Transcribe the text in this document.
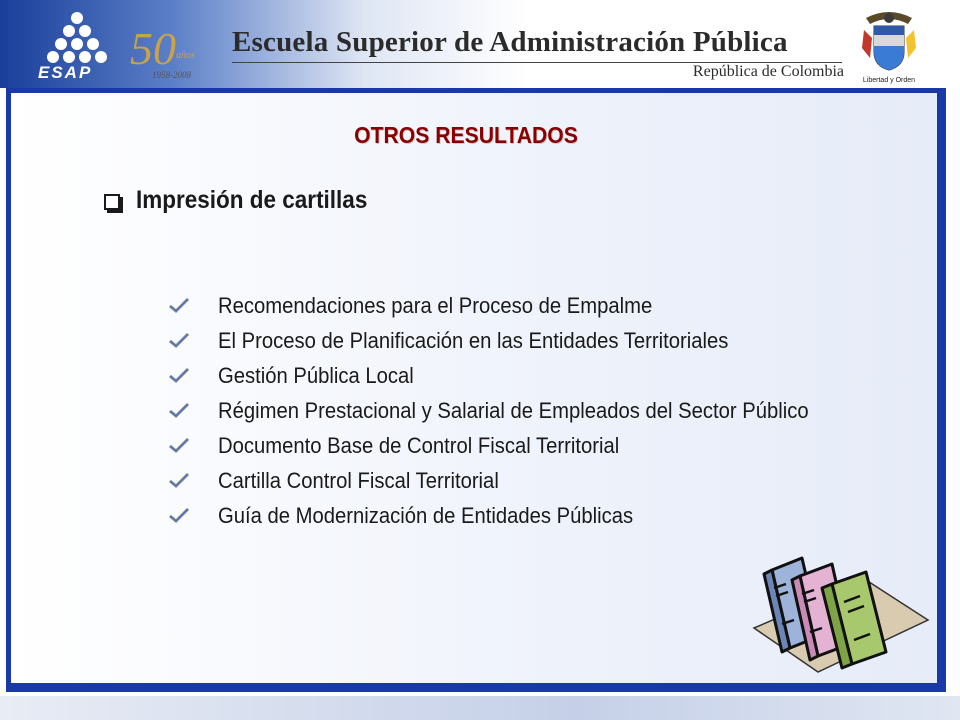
ESAP 50 años
1958-2008
Escuela Superior de Administración Pública
República de Colombia
Libertad y Orden
OTROS RESULTADOS
Impresión de cartillas
Recomendaciones para el Proceso de Empalme
El Proceso de Planificación en las Entidades Territoriales
Gestión Pública Local
Régimen Prestacional y Salarial de Empleados del Sector Público
Documento Base de Control Fiscal Territorial
Cartilla Control Fiscal Territorial
Guía de Modernización de Entidades Públicas
